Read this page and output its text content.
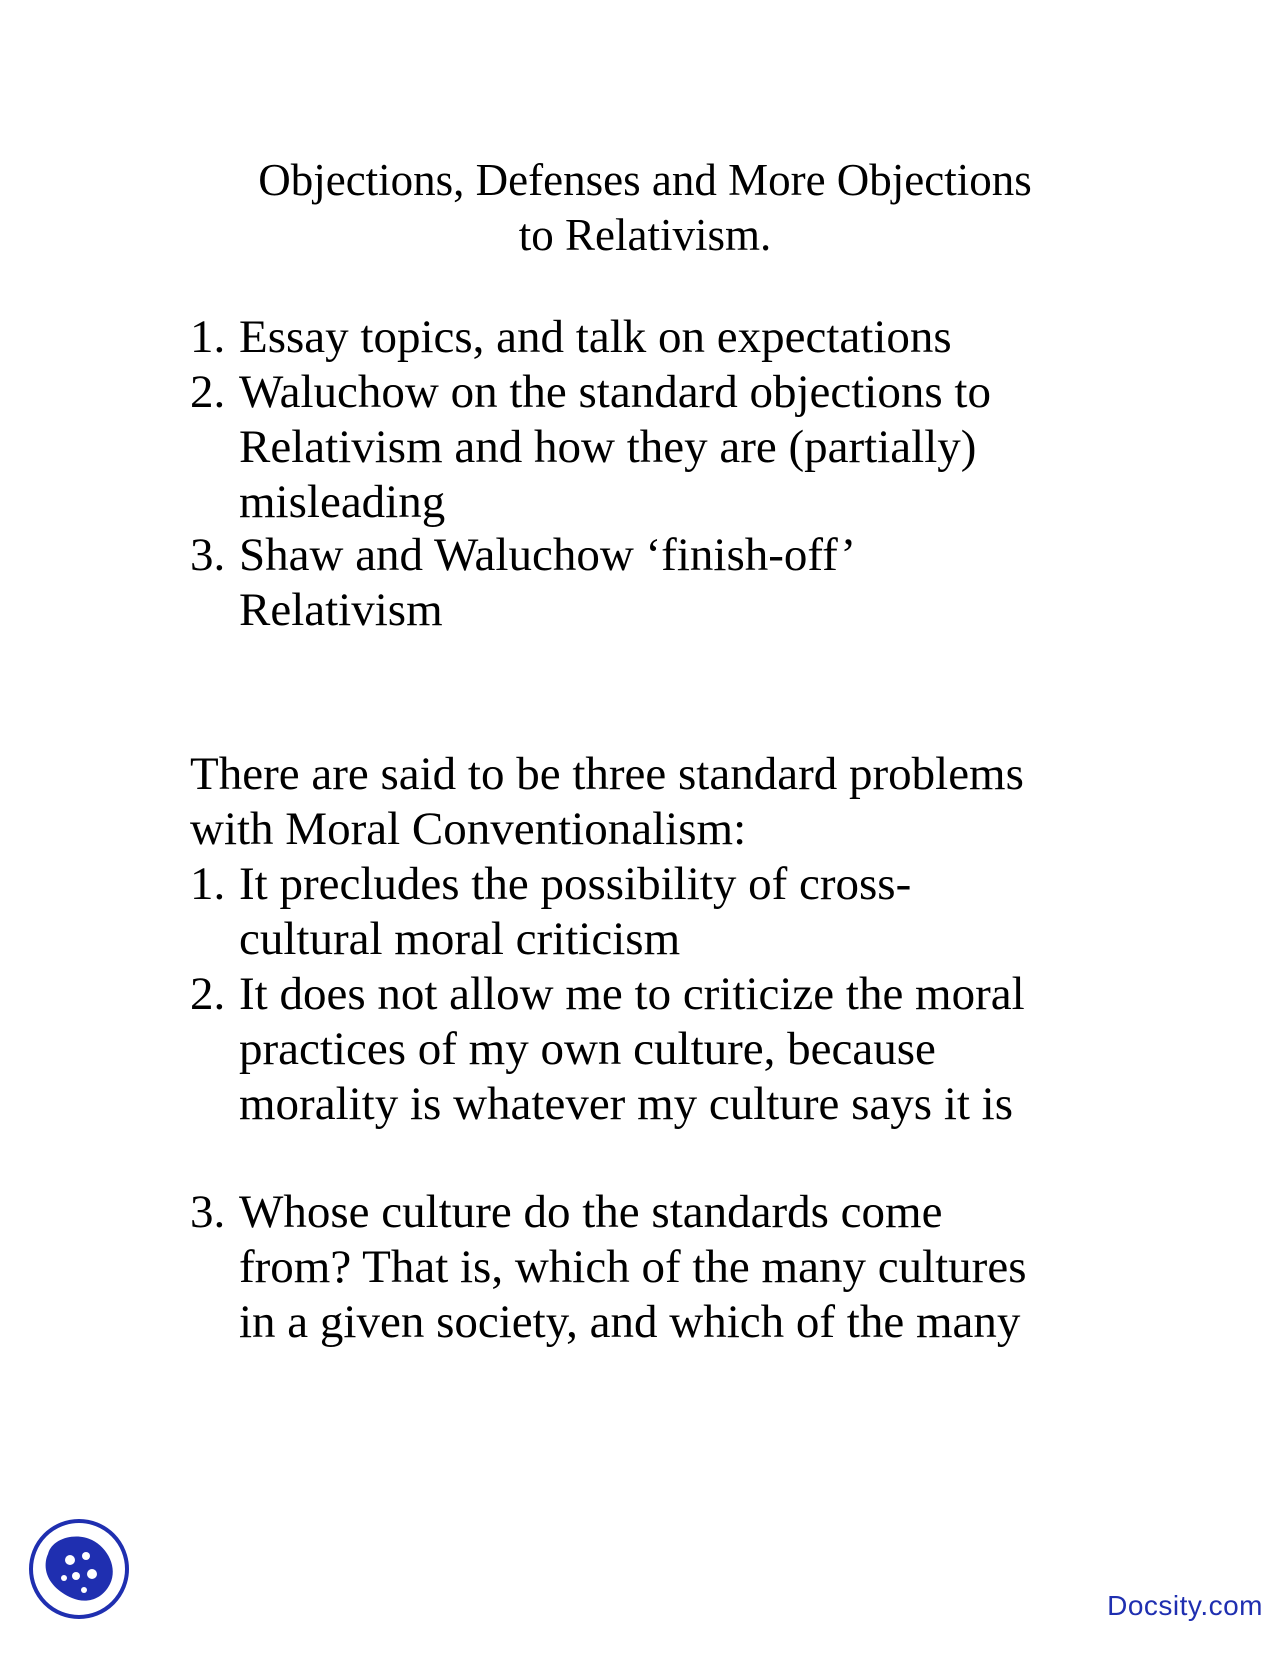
Objections, Defenses and More Objections
to Relativism.
1. Essay topics, and talk on expectations
2. Waluchow on the standard objections to
Relativism and how they are (partially)
misleading
3. Shaw and Waluchow ‘finish-off’
Relativism
There are said to be three standard problems
with Moral Conventionalism:
1. It precludes the possibility of cross-
cultural moral criticism
2. It does not allow me to criticize the moral
practices of my own culture, because
morality is whatever my culture says it is
3. Whose culture do the standards come
from? That is, which of the many cultures
in a given society, and which of the many
Docsity.com
